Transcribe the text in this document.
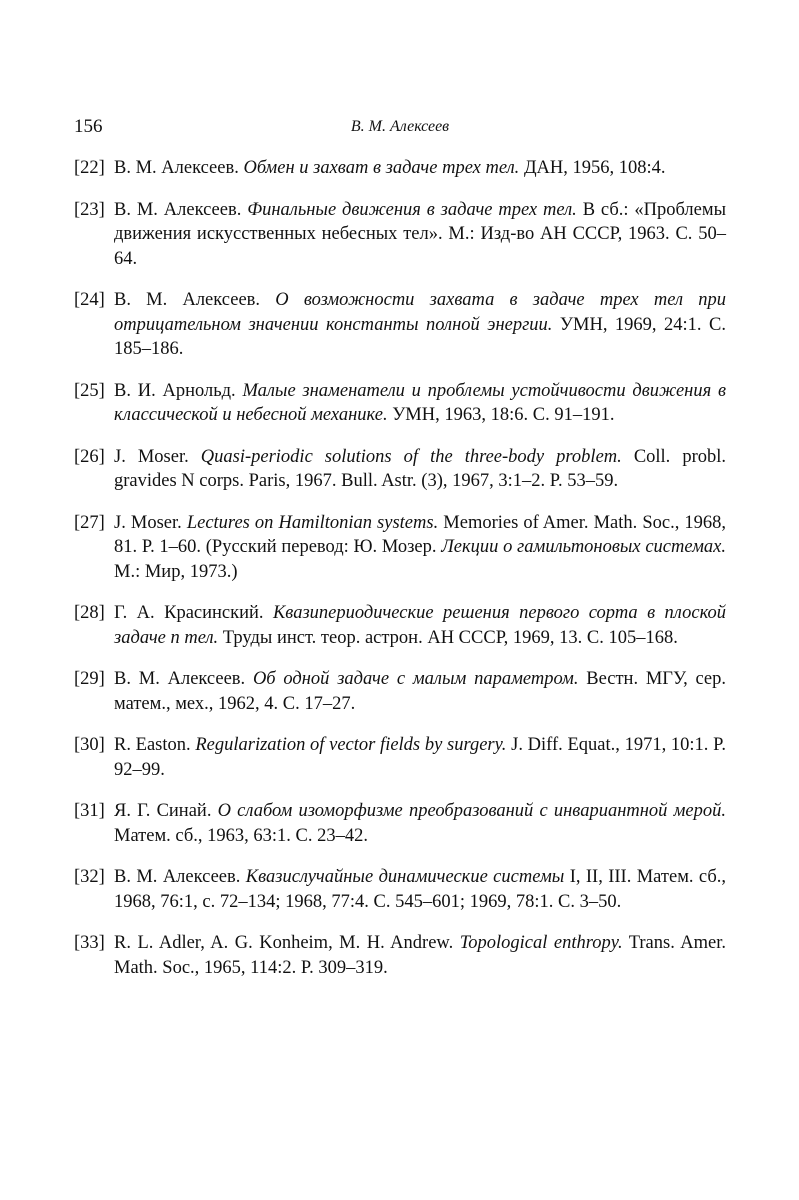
156	В. М. Алексеев
[22] В. М. Алексеев. Обмен и захват в задаче трех тел. ДАН, 1956, 108:4.
[23] В. М. Алексеев. Финальные движения в задаче трех тел. В сб.: «Проблемы движения искусственных небесных тел». М.: Изд-во АН СССР, 1963. С. 50–64.
[24] В. М. Алексеев. О возможности захвата в задаче трех тел при отрицательном значении константы полной энергии. УМН, 1969, 24:1. С. 185–186.
[25] В. И. Арнольд. Малые знаменатели и проблемы устойчивости движения в классической и небесной механике. УМН, 1963, 18:6. С. 91–191.
[26] J. Moser. Quasi-periodic solutions of the three-body problem. Coll. probl. gravides N corps. Paris, 1967. Bull. Astr. (3), 1967, 3:1–2. P. 53–59.
[27] J. Moser. Lectures on Hamiltonian systems. Memories of Amer. Math. Soc., 1968, 81. P. 1–60. (Русский перевод: Ю. Мозер. Лекции о гамильтоновых системах. М.: Мир, 1973.)
[28] Г. А. Красинский. Квазипериодические решения первого сорта в плоской задаче n тел. Труды инст. теор. астрон. АН СССР, 1969, 13. С. 105–168.
[29] В. М. Алексеев. Об одной задаче с малым параметром. Вестн. МГУ, сер. матем., мех., 1962, 4. С. 17–27.
[30] R. Easton. Regularization of vector fields by surgery. J. Diff. Equat., 1971, 10:1. P. 92–99.
[31] Я. Г. Синай. О слабом изоморфизме преобразований с инвариантной мерой. Матем. сб., 1963, 63:1. С. 23–42.
[32] В. М. Алексеев. Квазислучайные динамические системы I, II, III. Матем. сб., 1968, 76:1, с. 72–134; 1968, 77:4. С. 545–601; 1969, 78:1. С. 3–50.
[33] R. L. Adler, A. G. Konheim, M. H. Andrew. Topological enthropy. Trans. Amer. Math. Soc., 1965, 114:2. P. 309–319.
